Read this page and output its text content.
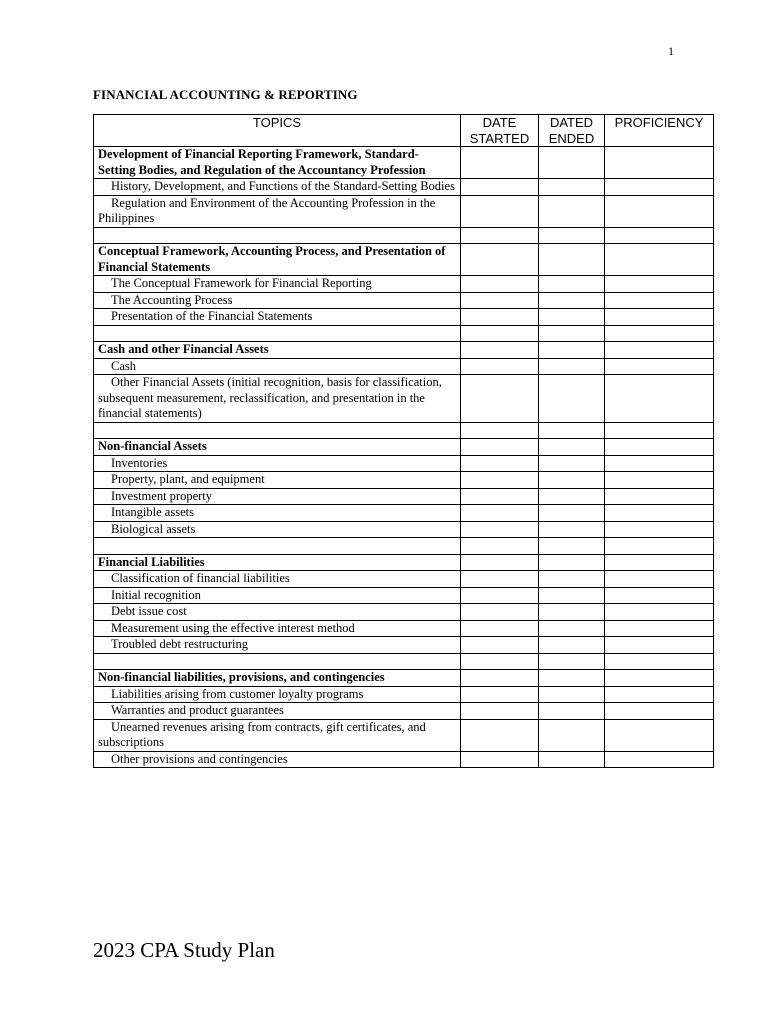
1
FINANCIAL ACCOUNTING & REPORTING
TOPICS	DATE STARTED	DATED ENDED	PROFICIENCY
Development of Financial Reporting Framework, Standard-Setting Bodies, and Regulation of the Accountancy Profession			
History, Development, and Functions of the Standard-Setting Bodies			
Regulation and Environment of the Accounting Profession in the Philippines			

Conceptual Framework, Accounting Process, and Presentation of Financial Statements			
The Conceptual Framework for Financial Reporting			
The Accounting Process			
Presentation of the Financial Statements			

Cash and other Financial Assets			
Cash			
Other Financial Assets (initial recognition, basis for classification, subsequent measurement, reclassification, and presentation in the financial statements)			

Non-financial Assets			
Inventories			
Property, plant, and equipment			
Investment property			
Intangible assets			
Biological assets			

Financial Liabilities			
Classification of financial liabilities			
Initial recognition			
Debt issue cost			
Measurement using the effective interest method			
Troubled debt restructuring			

Non-financial liabilities, provisions, and contingencies			
Liabilities arising from customer loyalty programs			
Warranties and product guarantees			
Unearned revenues arising from contracts, gift certificates, and subscriptions			
Other provisions and contingencies			
2023 CPA Study Plan
